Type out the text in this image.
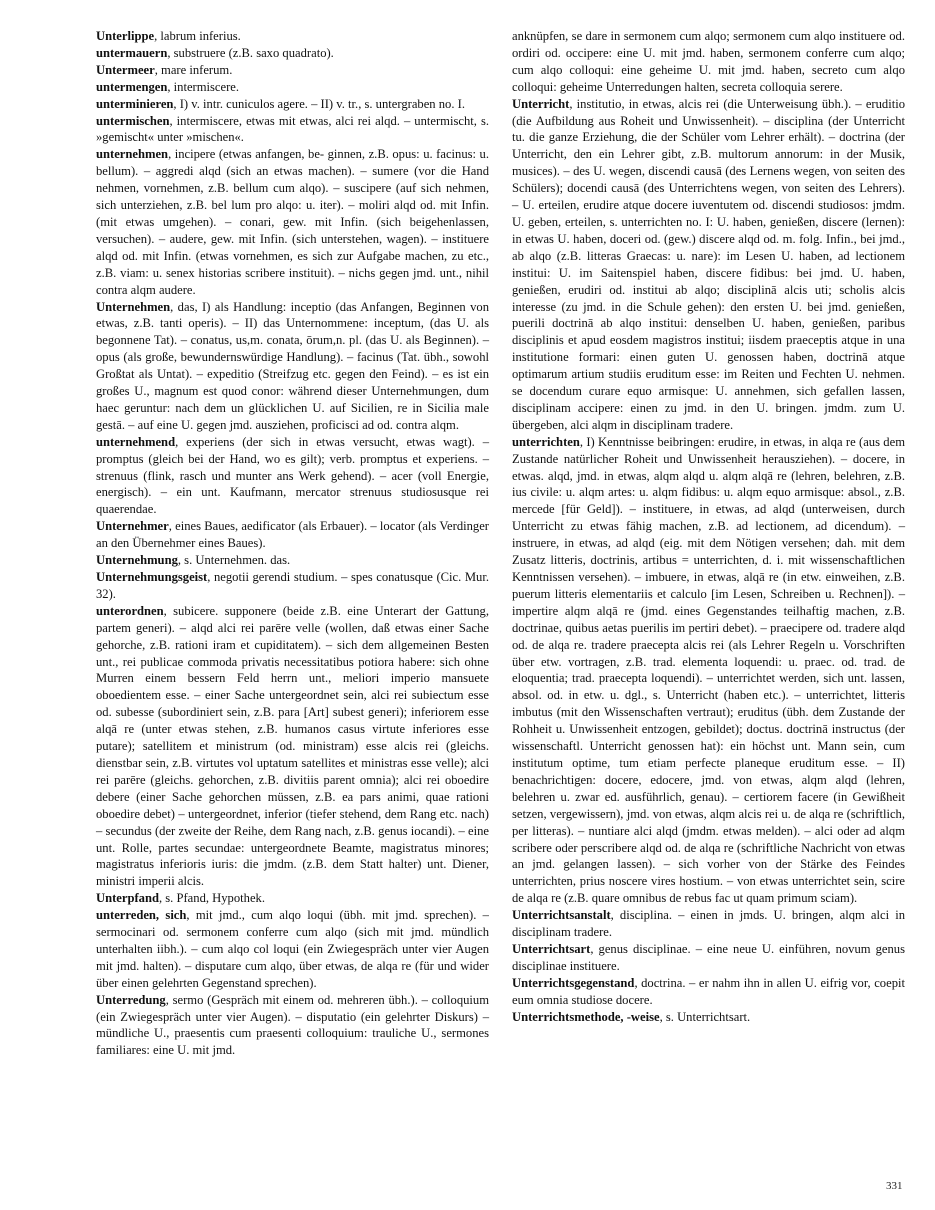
Unterlippe, labrum inferius.

untermauern, substruere (z.B. saxo quadrato).

Untermeer, mare inferum.

untermengen, intermiscere.

unterminieren, I) v. intr. cuniculos agere. – II) v. tr., s. untergraben no. I.

untermischen, intermiscere, etwas mit etwas, alci rei alqd. – untermischt, s. »gemischt« unter »mischen«.

unternehmen, incipere (etwas anfangen, be- ginnen, z.B. opus: u. facinus: u. bellum). – aggredi alqd (sich an etwas machen). – sumere (vor die Hand nehmen, vornehmen, z.B. bellum cum alqo). – suscipere (auf sich nehmen, sich unterziehen, z.B. bel lum pro alqo: u. iter). – moliri alqd od. mit Infin. (mit etwas umgehen). – conari, gew. mit Infin. (sich beigehenlassen, versuchen). – audere, gew. mit Infin. (sich unterstehen, wagen). – instituere alqd od. mit Infin. (etwas vornehmen, es sich zur Aufgabe machen, zu etc., z.B. viam: u. senex historias scribere instituit). – nichs gegen jmd. unt., nihil contra alqm audere.

Unternehmen, das, I) als Handlung: inceptio (das Anfangen, Beginnen von etwas, z.B. tanti operis). – II) das Unternommene: inceptum, (das U. als begonnene Tat). – conatus, us,m. conata, ōrum,n. pl. (das U. als Beginnen). – opus (als große, bewundernswürdige Handlung). – facinus (Tat. übh., sowohl Großtat als Untat). – expeditio (Streifzug etc. gegen den Feind). – es ist ein großes U., magnum est quod conor: während dieser Unternehmungen, dum haec geruntur: nach dem un glücklichen U. auf Sicilien, re in Sicilia male gestā. – auf eine U. gegen jmd. ausziehen, proficisci ad od. contra alqm.

unternehmend, experiens (der sich in etwas versucht, etwas wagt). – promptus (gleich bei der Hand, wo es gilt); verb. promptus et experiens. – strenuus (flink, rasch und munter ans Werk gehend). – acer (voll Energie, energisch). – ein unt. Kaufmann, mercator strenuus studiosusque rei quaerendae.

Unternehmer, eines Baues, aedificator (als Erbauer). – locator (als Verdinger an den Übernehmer eines Baues).

Unternehmung, s. Unternehmen. das.

Unternehmungsgeist, negotii gerendi studium. – spes conatusque (Cic. Mur. 32).

unterordnen, subicere. supponere (beide z.B. eine Unterart der Gattung, partem generi). – alqd alci rei parēre velle (wollen, daß etwas einer Sache gehorche, z.B. rationi iram et cupiditatem). – sich dem allgemeinen Besten unt., rei publicae commoda privatis necessitatibus potiora habere: sich ohne Murren einem bessern Feld herrn unt., meliori imperio mansuete oboedientem esse. – einer Sache untergeordnet sein, alci rei subiectum esse od. subesse (subordiniert sein, z.B. para [Art] subest generi); inferiorem esse alqā re (unter etwas stehen, z.B. humanos casus virtute inferiores esse putare); satellitem et ministrum (od. ministram) esse alcis rei (gleichs. dienstbar sein, z.B. virtutes vol uptatum satellites et ministras esse velle); alci rei parēre (gleichs. gehorchen, z.B. divitiis parent omnia); alci rei oboedire debere (einer Sache gehorchen müssen, z.B. ea pars animi, quae rationi oboedire debet) – untergeordnet, inferior (tiefer stehend, dem Rang etc. nach) – secundus (der zweite der Reihe, dem Rang nach, z.B. genus iocandi). – eine unt. Rolle, partes secundae: untergeordnete Beamte, magistratus minores; magistratus inferioris iuris: die jmdm. (z.B. dem Statt halter) unt. Diener, ministri imperii alcis.

Unterpfand, s. Pfand, Hypothek.

unterreden, sich, mit jmd., cum alqo loqui (übh. mit jmd. sprechen). – sermocinari od. sermonem conferre cum alqo (sich mit jmd. mündlich unterhalten iibh.). – cum alqo col loqui (ein Zwiegespräch unter vier Augen mit jmd. halten). – disputare cum alqo, über etwas, de alqa re (für und wider über einen gelehrten Gegenstand sprechen).

Unterredung, sermo (Gespräch mit einem od. mehreren übh.). – colloquium (ein Zwiegespräch unter vier Augen). – disputatio (ein gelehrter Diskurs) – mündliche U., praesentis cum praesenti colloquium: trauliche U., sermones familiares: eine U. mit jmd.

anknüpfen, se dare in sermonem cum alqo; sermonem cum alqo instituere od. ordiri od. occipere: eine U. mit jmd. haben, sermonem conferre cum alqo; cum alqo colloqui: eine geheime U. mit jmd. haben, secreto cum alqo colloqui: geheime Unterredungen halten, secreta colloquia serere.

Unterricht, institutio, in etwas, alcis rei (die Unterweisung übh.). – eruditio (die Aufbildung aus Roheit und Unwissenheit). – disciplina (der Unterricht tu. die ganze Erziehung, die der Schüler vom Lehrer erhält). – doctrina (der Unterricht, den ein Lehrer gibt, z.B. multorum annorum: in der Musik, musices). – des U. wegen, discendi causā (des Lernens wegen, von seiten des Schülers); docendi causā (des Unterrichtens wegen, von seiten des Lehrers). – U. erteilen, erudire atque docere iuventutem od. discendi studiosos: jmdm. U. geben, erteilen, s. unterrichten no. I: U. haben, genießen, discere (lernen): in etwas U. haben, doceri od. (gew.) discere alqd od. m. folg. Infin., bei jmd., ab alqo (z.B. litteras Graecas: u. nare): im Lesen U. haben, ad lectionem institui: U. im Saitenspiel haben, discere fidibus: bei jmd. U. haben, genießen, erudiri od. institui ab alqo; disciplinā alcis uti; scholis alcis interesse (zu jmd. in die Schule gehen): den ersten U. bei jmd. genießen, puerili doctrinā ab alqo institui: denselben U. haben, genießen, paribus disciplinis et apud eosdem magistros institui; iisdem praeceptis atque in una institutione formari: einen guten U. genossen haben, doctrinā atque optimarum artium studiis eruditum esse: im Reiten und Fechten U. nehmen. se docendum curare equo armisque: U. annehmen, sich gefallen lassen, disciplinam accipere: einen zu jmd. in den U. bringen. jmdm. zum U. übergeben, alci alqm in disciplinam tradere.

unterrichten, I) Kenntnisse beibringen: erudire, in etwas, in alqa re (aus dem Zustande natürlicher Roheit und Unwissenheit herausziehen). – docere, in etwas. alqd, jmd. in etwas, alqm alqd u. alqm alqā re (lehren, belehren, z.B. ius civile: u. alqm artes: u. alqm fidibus: u. alqm equo armisque: absol., z.B. mercede [für Geld]). – instituere, in etwas, ad alqd (unterweisen, durch Unterricht zu etwas fähig machen, z.B. ad lectionem, ad dicendum). – instruere, in etwas, ad alqd (eig. mit dem Nötigen versehen; dah. mit dem Zusatz litteris, doctrinis, artibus = unterrichten, d. i. mit wissenschaftlichen Kenntnissen versehen). – imbuere, in etwas, alqā re (in etw. einweihen, z.B. puerum litteris elementariis et calculo [im Lesen, Schreiben u. Rechnen]). – impertire alqm alqā re (jmd. eines Gegenstandes teilhaftig machen, z.B. doctrinae, quibus aetas puerilis im pertiri debet). – praecipere od. tradere alqd od. de alqa re. tradere praecepta alcis rei (als Lehrer Regeln u. Vorschriften über etw. vortragen, z.B. trad. elementa loquendi: u. praec. od. trad. de eloquentia; trad. praecepta loquendi). – unterrichtet werden, sich unt. lassen, absol. od. in etw. u. dgl., s. Unterricht (haben etc.). – unterrichtet, litteris imbutus (mit den Wissenschaften vertraut); eruditus (übh. dem Zustande der Rohheit u. Unwissenheit entzogen, gebildet); doctus. doctrinā instructus (der wissenschaftl. Unterricht genossen hat): ein höchst unt. Mann sein, cum institutum optime, tum etiam perfecte planeque eruditum esse. – II) benachrichtigen: docere, edocere, jmd. von etwas, alqm alqd (lehren, belehren u. zwar ed. ausführlich, genau). – certiorem facere (in Gewißheit setzen, vergewissern), jmd. von etwas, alqm alcis rei u. de alqa re (schriftlich, per litteras). – nuntiare alci alqd (jmdm. etwas melden). – alci oder ad alqm scribere oder perscribere alqd od. de alqa re (schriftliche Nachricht von etwas an jmd. gelangen lassen). – sich vorher von der Stärke des Feindes unterrichten, prius noscere vires hostium. – von etwas unterrichtet sein, scire de alqa re (z.B. quare omnibus de rebus fac ut quam primum sciam).

Unterrichtsanstalt, disciplina. – einen in jmds. U. bringen, alqm alci in disciplinam tradere.

Unterrichtsart, genus disciplinae. – eine neue U. einführen, novum genus disciplinae instituere.

Unterrichtsgegenstand, doctrina. – er nahm ihn in allen U. eifrig vor, coepit eum omnia studiose docere.

Unterrichtsmethode, -weise, s. Unterrichtsart.

331
